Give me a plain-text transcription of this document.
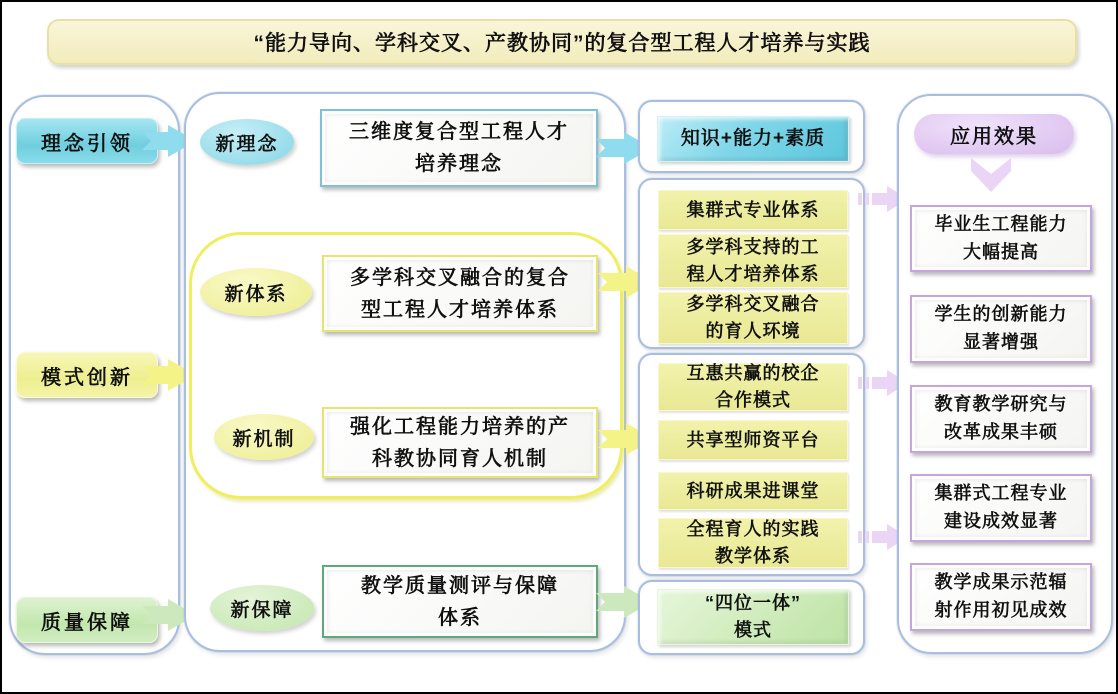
“能力导向、学科交叉、产教协同”的复合型工程人才培养与实践
理念引领
模式创新
质量保障
新理念
新体系
新机制
新保障
三维度复合型工程人才
培养理念
多学科交叉融合的复合
型工程人才培养体系
强化工程能力培养的产
科教协同育人机制
教学质量测评与保障
体系
知识+能力+素质
集群式专业体系
多学科支持的工
程人才培养体系
多学科交叉融合
的育人环境
互惠共赢的校企
合作模式
共享型师资平台
科研成果进课堂
全程育人的实践
教学体系
“四位一体”
模式
应用效果
毕业生工程能力
大幅提高
学生的创新能力
显著增强
教育教学研究与
改革成果丰硕
集群式工程专业
建设成效显著
教学成果示范辐
射作用初见成效
